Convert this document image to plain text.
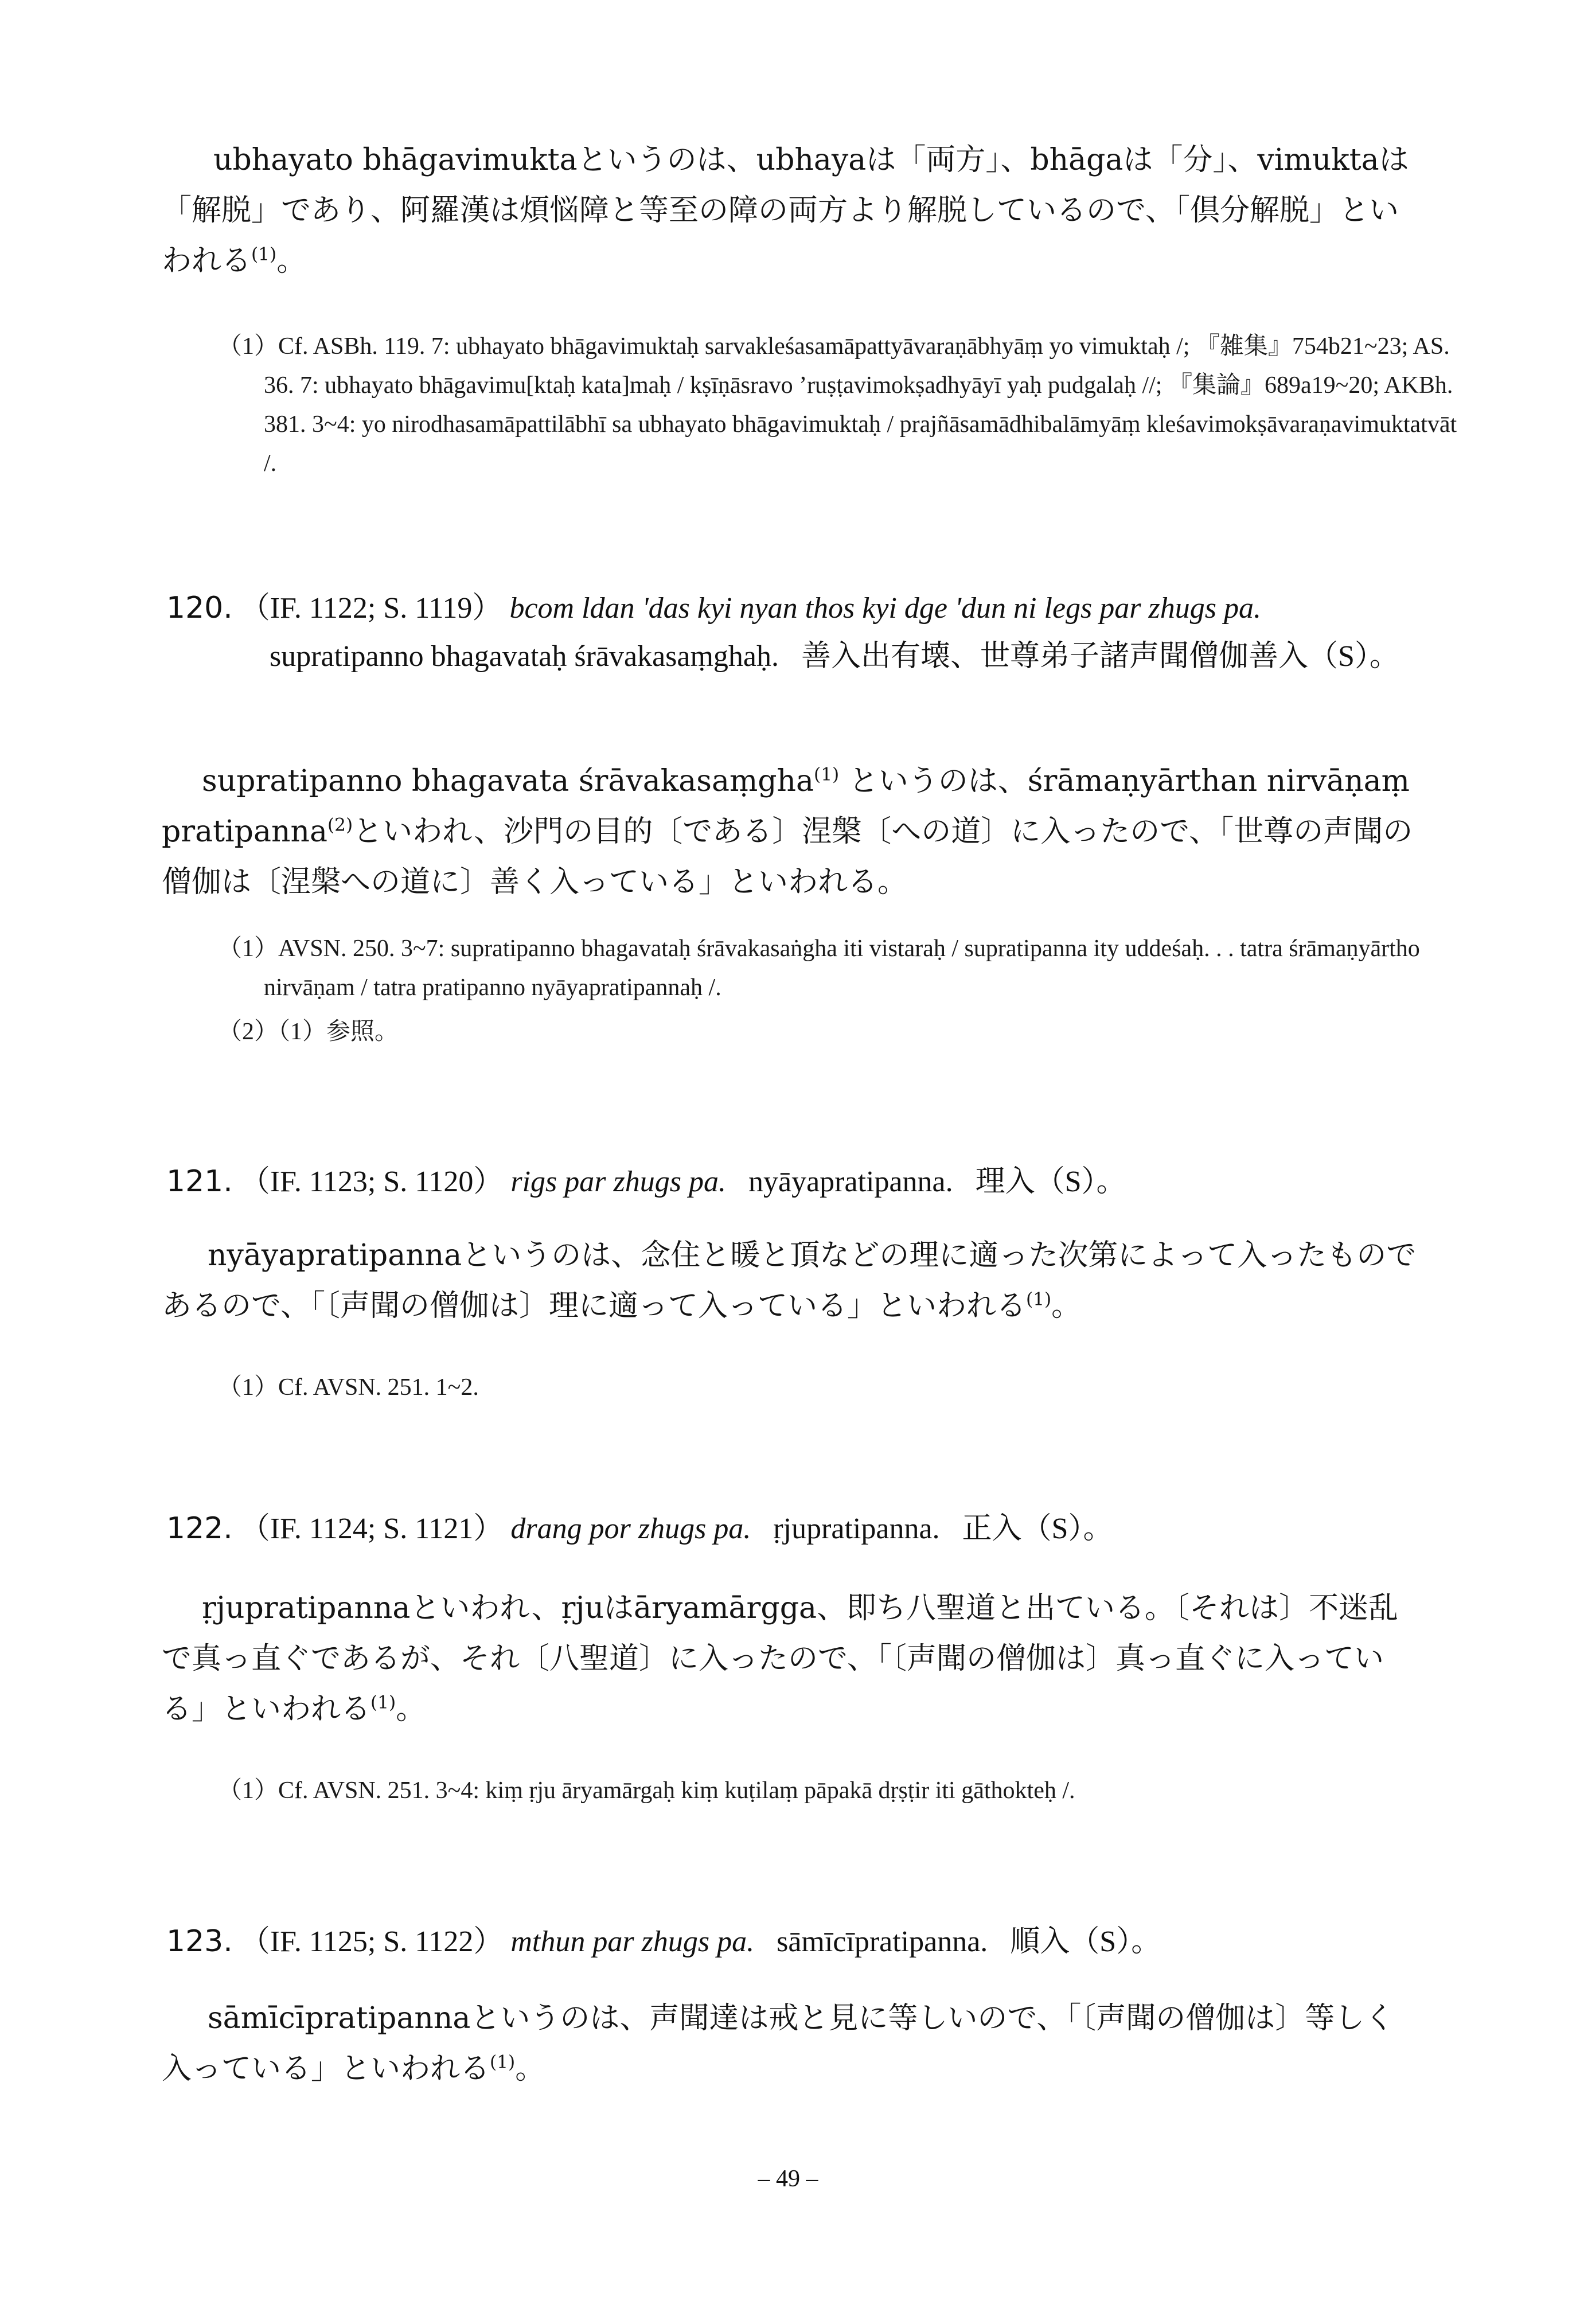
ubhayato bhāgavimuktaというのは、ubhayaは「両方」、bhāgaは「分」、vimuktaは「解脱」であり、阿羅漢は煩悩障と等至の障の両方より解脱しているので、「倶分解脱」といわれる$^{(1)}$。

（1）Cf. ASBh. 119. 7: ubhayato bhāgavimuktaḥ sarvakleśasamāpattyāvaraṇābhyāṃ yo vimuktaḥ /; 『雑集』754b21~23; AS. 36. 7: ubhayato bhāgavimu[ktaḥ kata]maḥ / kṣīṇāsravo ’ruṣṭavimokṣadhyāyī yaḥ pudgalaḥ //; 『集論』689a19~20; AKBh. 381. 3~4: yo nirodhasamāpattilābhī sa ubhayato bhāgavimuktaḥ / prajñāsamādhibalāmyāṃ kleśavimokṣāvaraṇavimuktatvāt /.
120. （IF. 1122; S. 1119） bcom ldan 'das kyi nyan thos kyi dge 'dun ni legs par zhugs pa.
supratipanno bhagavataḥ śrāvakasaṃghaḥ. 善入出有壊、世尊弟子諸声聞僧伽善入（S）。

supratipanno bhagavata śrāvakasaṃgha$^{(1)}$ というのは、śrāmaṇyārthan nirvāṇaṃ pratipanna$^{(2)}$といわれ、沙門の目的〔である〕涅槃〔への道〕に入ったので、「世尊の声聞の僧伽は〔涅槃への道に〕善く入っている」といわれる。

（1）AVSN. 250. 3~7: supratipanno bhagavataḥ śrāvakasaṅgha iti vistaraḥ / supratipanna ity uddeśaḥ. . . tatra śrāmaṇyārtho nirvāṇam / tatra pratipanno nyāyapratipannaḥ /.
（2）（1）参照。
121. （IF. 1123; S. 1120） rigs par zhugs pa. nyāyapratipanna. 理入（S）。

nyāyapratipannaというのは、念住と暖と頂などの理に適った次第によって入ったものであるので、「〔声聞の僧伽は〕理に適って入っている」といわれる$^{(1)}$。

（1）Cf. AVSN. 251. 1~2.
122. （IF. 1124; S. 1121） drang por zhugs pa. ṛjupratipanna. 正入（S）。

ṛjupratipannaといわれ、ṛjuはāryamārgga、即ち八聖道と出ている。〔それは〕不迷乱で真っ直ぐであるが、それ〔八聖道〕に入ったので、「〔声聞の僧伽は〕真っ直ぐに入っている」といわれる$^{(1)}$。

（1）Cf. AVSN. 251. 3~4: kiṃ ṛju āryamārgaḥ kiṃ kuṭilaṃ pāpakā dṛṣṭir iti gāthokteḥ /.
123. （IF. 1125; S. 1122） mthun par zhugs pa. sāmīcīpratipanna. 順入（S）。

sāmīcīpratipannaというのは、声聞達は戒と見に等しいので、「〔声聞の僧伽は〕等しく入っている」といわれる$^{(1)}$。

– 49 –
